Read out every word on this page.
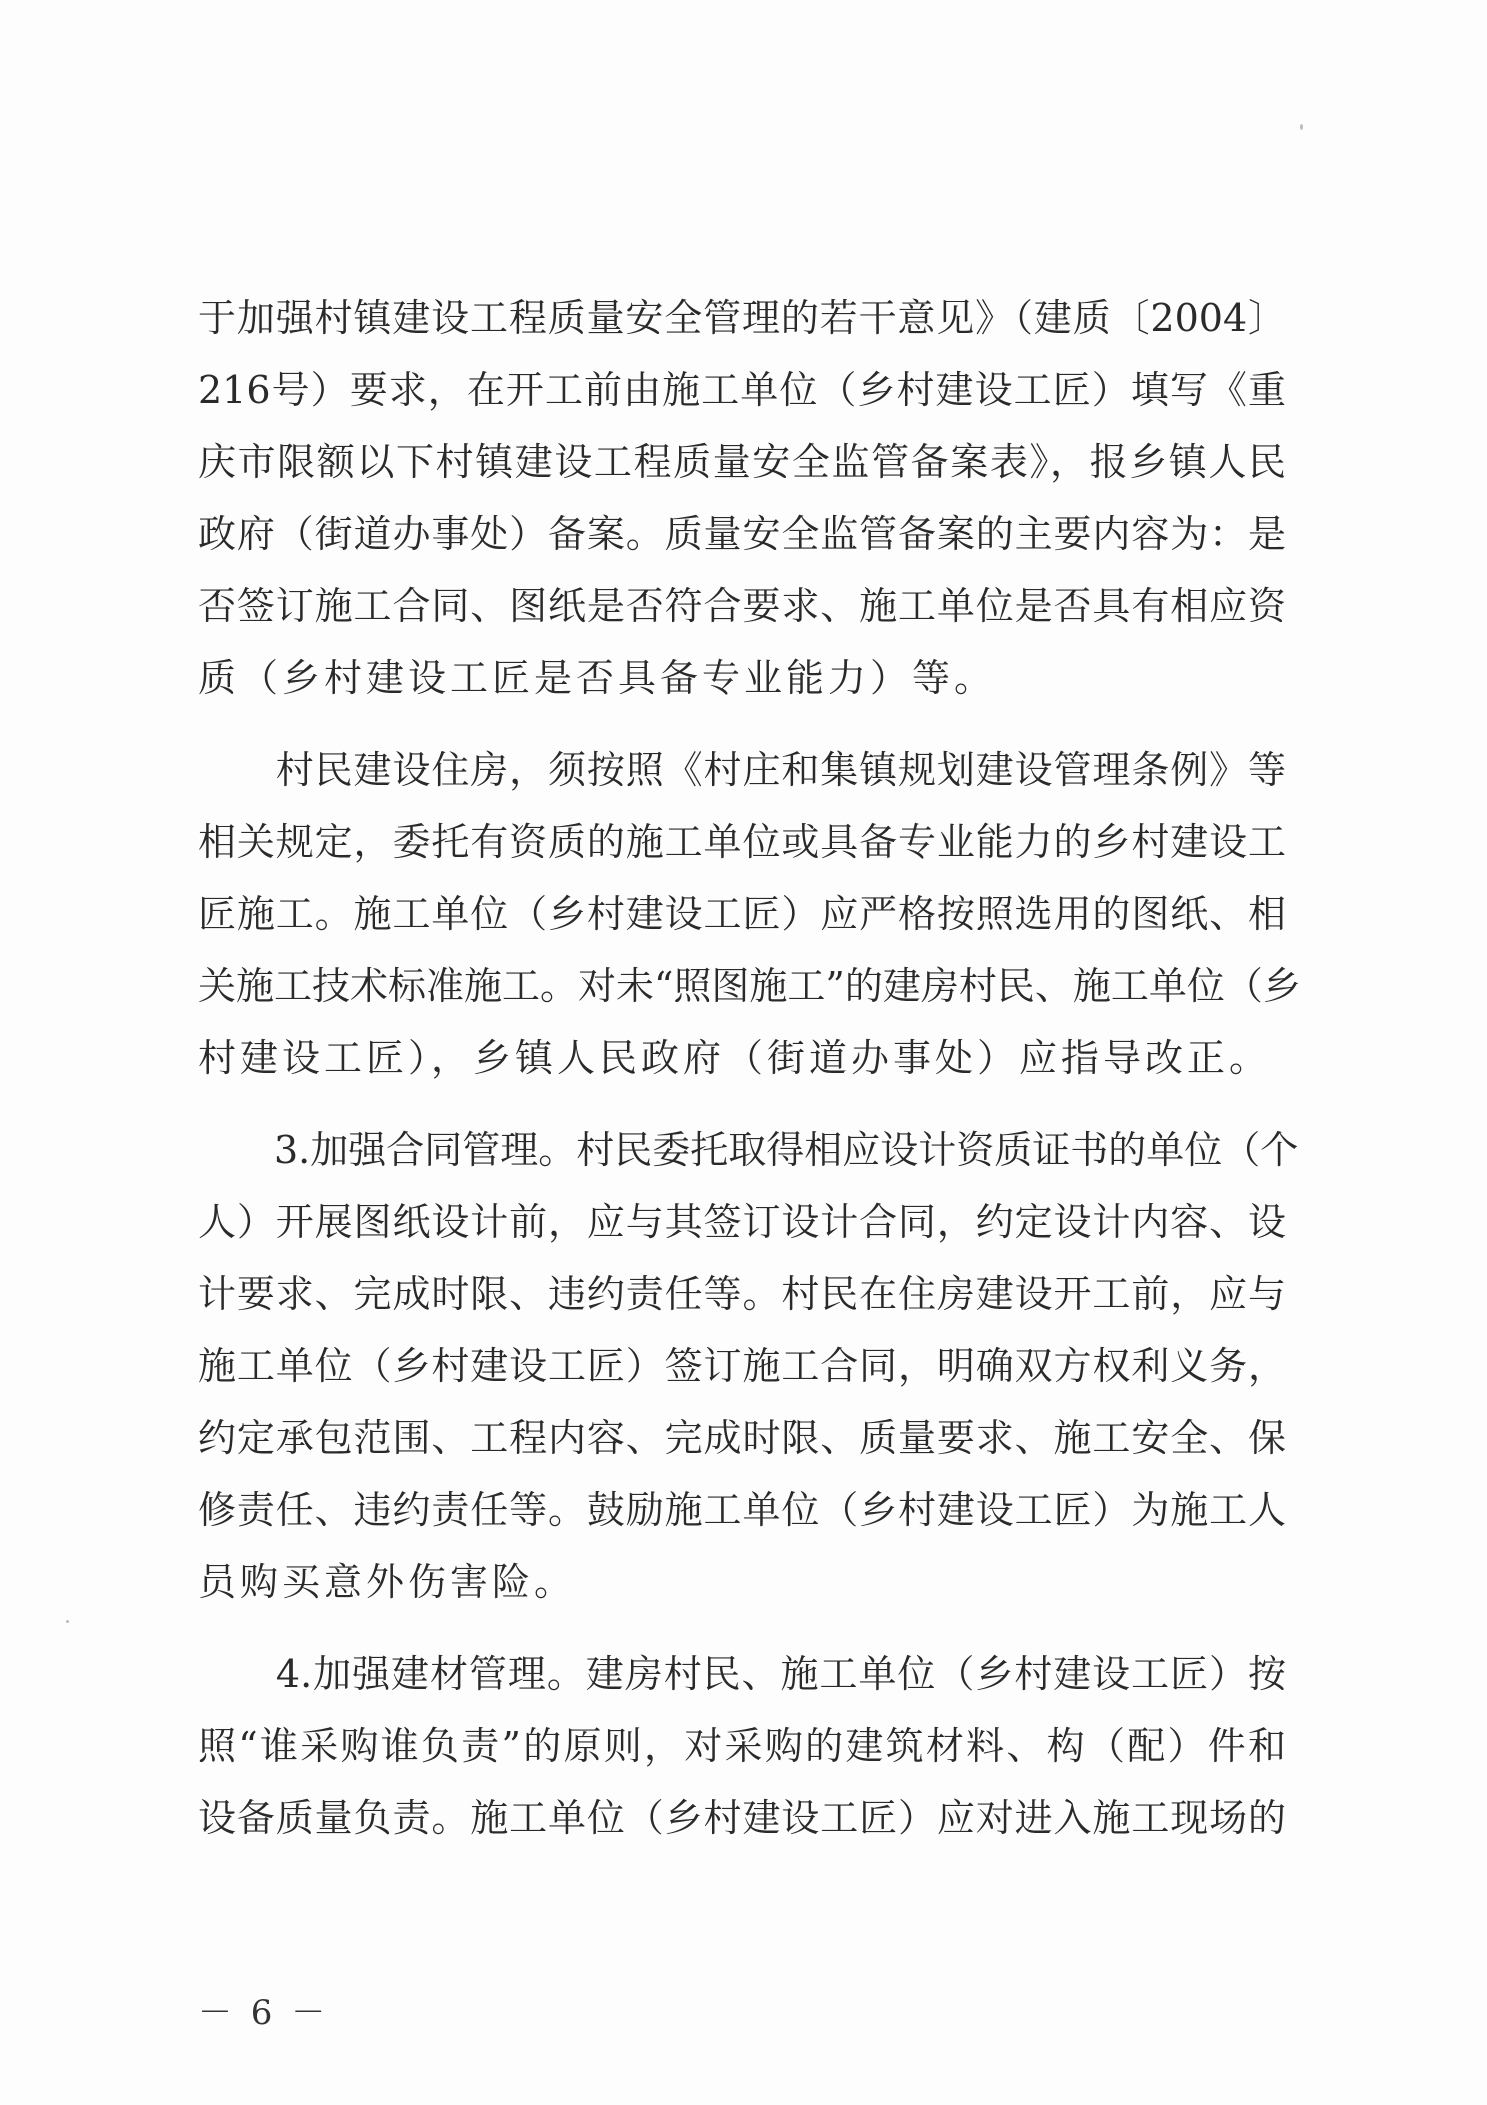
于加强村镇建设工程质量安全管理的若干意见》（建质〔2004〕
216号）要求，在开工前由施工单位（乡村建设工匠）填写《重
庆市限额以下村镇建设工程质量安全监管备案表》，报乡镇人民
政府（街道办事处）备案。质量安全监管备案的主要内容为：是
否签订施工合同、图纸是否符合要求、施工单位是否具有相应资
质（乡村建设工匠是否具备专业能力）等。
　　村民建设住房，须按照《村庄和集镇规划建设管理条例》等
相关规定，委托有资质的施工单位或具备专业能力的乡村建设工
匠施工。施工单位（乡村建设工匠）应严格按照选用的图纸、相
关施工技术标准施工。对未“照图施工”的建房村民、施工单位（乡
村建设工匠），乡镇人民政府（街道办事处）应指导改正。
　　3.加强合同管理。村民委托取得相应设计资质证书的单位（个
人）开展图纸设计前，应与其签订设计合同，约定设计内容、设
计要求、完成时限、违约责任等。村民在住房建设开工前，应与
施工单位（乡村建设工匠）签订施工合同，明确双方权利义务，
约定承包范围、工程内容、完成时限、质量要求、施工安全、保
修责任、违约责任等。鼓励施工单位（乡村建设工匠）为施工人
员购买意外伤害险。
　　4.加强建材管理。建房村民、施工单位（乡村建设工匠）按
照“谁采购谁负责”的原则，对采购的建筑材料、构（配）件和
设备质量负责。施工单位（乡村建设工匠）应对进入施工现场的
－ 6 －
